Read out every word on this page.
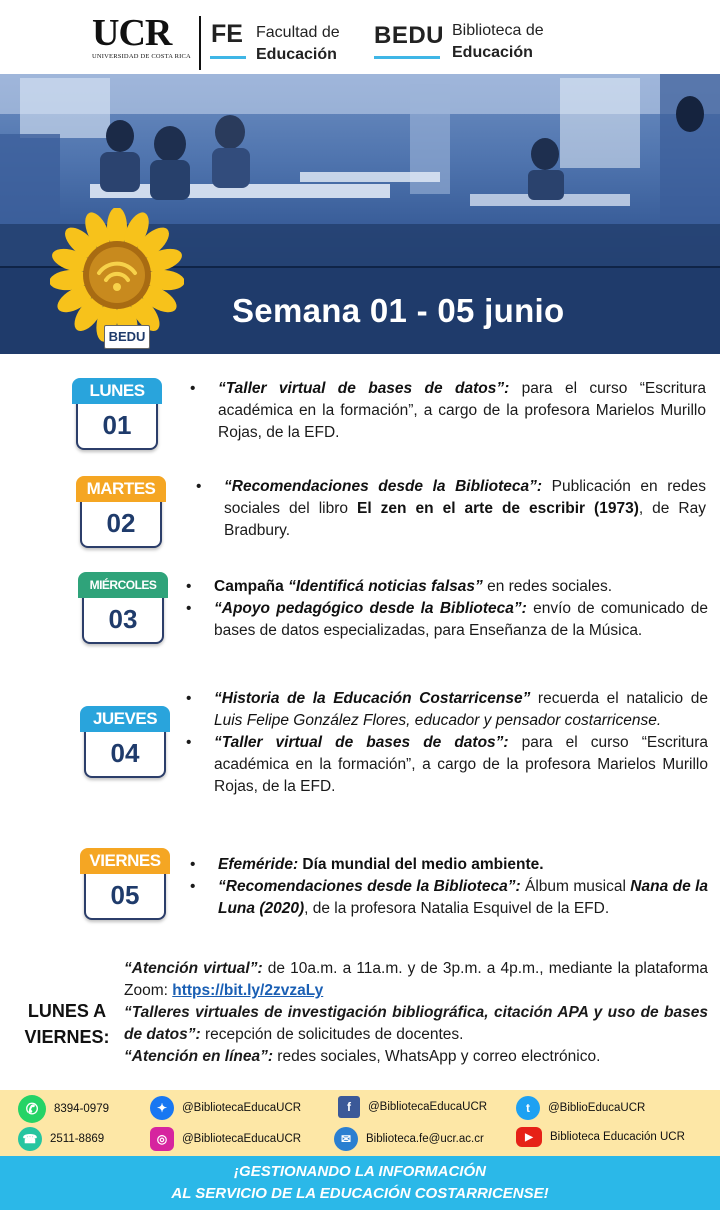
UCR
UNIVERSIDAD DE COSTA RICA
FE Facultad de
Educación
BEDU Biblioteca de
Educación
Semana 01 - 05 junio
BEDU
LUNES
01
• “Taller virtual de bases de datos”: para el curso “Escritura académica en la formación”, a cargo de la profesora Marielos Murillo Rojas, de la EFD.
MARTES
02
• “Recomendaciones desde la Biblioteca”: Publicación en redes sociales del libro El zen en el arte de escribir (1973), de Ray Bradbury.
MIÉRCOLES
03
• Campaña “Identificá noticias falsas” en redes sociales.
• “Apoyo pedagógico desde la Biblioteca”: envío de comunicado de bases de datos especializadas, para Enseñanza de la Música.
JUEVES
04
• “Historia de la Educación Costarricense” recuerda el natalicio de Luis Felipe González Flores, educador y pensador costarricense.
• “Taller virtual de bases de datos”: para el curso “Escritura académica en la formación”, a cargo de la profesora Marielos Murillo Rojas, de la EFD.
VIERNES
05
• Efeméride: Día mundial del medio ambiente.
• “Recomendaciones desde la Biblioteca”: Álbum musical Nana de la Luna (2020), de la profesora Natalia Esquivel de la EFD.
LUNES A VIERNES:
“Atención virtual”: de 10a.m. a 11a.m. y de 3p.m. a 4p.m., mediante la plataforma Zoom: https://bit.ly/2zvzaLy
“Talleres virtuales de investigación bibliográfica, citación APA y uso de bases de datos”: recepción de solicitudes de docentes.
“Atención en línea”: redes sociales, WhatsApp y correo electrónico.
✆	8394-0979
☎	2511-8869
✦	@BibliotecaEducaUCR
◎	@BibliotecaEducaUCR
f	@BibliotecaEducaUCR
✉	Biblioteca.fe@ucr.ac.cr
t	@BiblioEducaUCR
▶	Biblioteca Educación UCR
¡GESTIONANDO LA INFORMACIÓN
AL SERVICIO DE LA EDUCACIÓN COSTARRICENSE!
